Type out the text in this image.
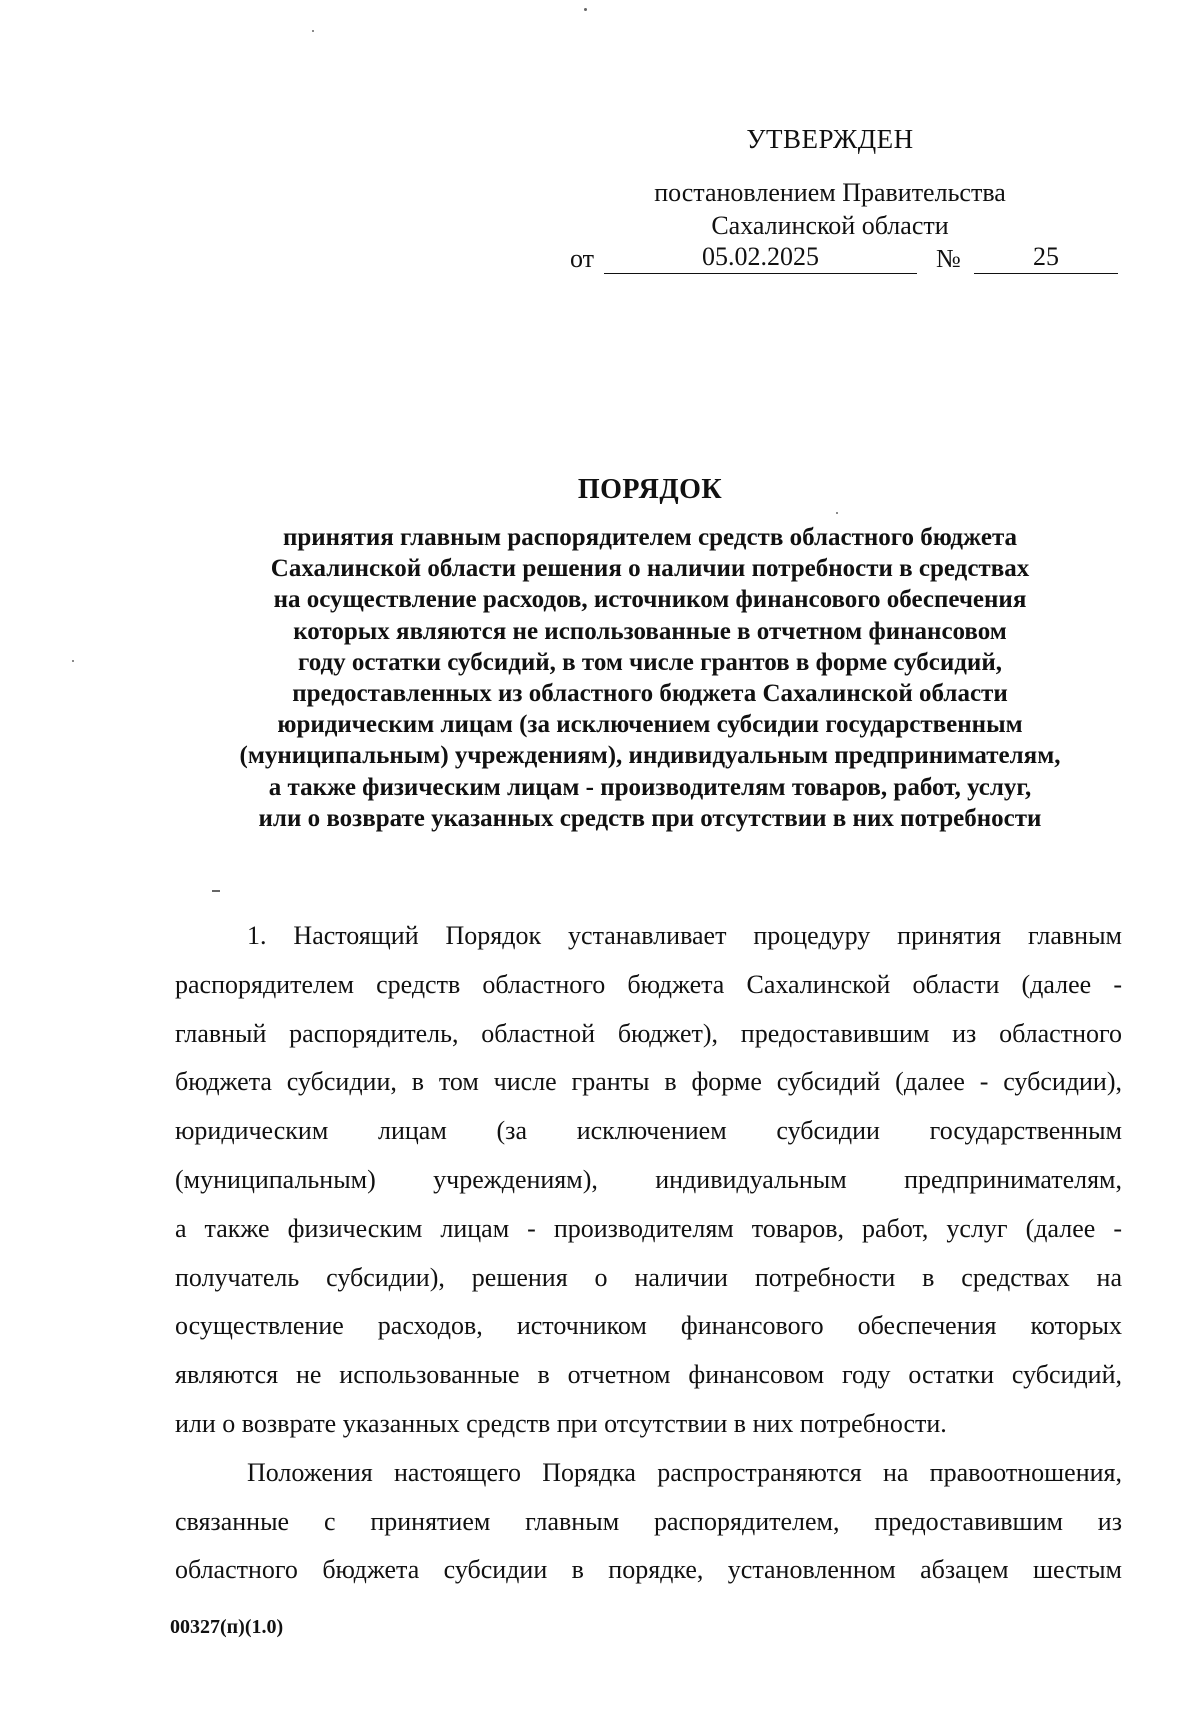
УТВЕРЖДЕН
постановлением Правительства
Сахалинской области
от	05.02.2025	№	25
ПОРЯДОК
принятия главным распорядителем средств областного бюджета
Сахалинской области решения о наличии потребности в средствах
на осуществление расходов, источником финансового обеспечения
которых являются не использованные в отчетном финансовом
году остатки субсидий, в том числе грантов в форме субсидий,
предоставленных из областного бюджета Сахалинской области
юридическим лицам (за исключением субсидии государственным
(муниципальным) учреждениям), индивидуальным предпринимателям,
а также физическим лицам - производителям товаров, работ, услуг,
или о возврате указанных средств при отсутствии в них потребности
1. Настоящий Порядок устанавливает процедуру принятия главным
распорядителем средств областного бюджета Сахалинской области (далее -
главный распорядитель, областной бюджет), предоставившим из областного
бюджета субсидии, в том числе гранты в форме субсидий (далее - субсидии),
юридическим лицам (за исключением субсидии государственным
(муниципальным) учреждениям), индивидуальным предпринимателям,
а также физическим лицам - производителям товаров, работ, услуг (далее -
получатель субсидии), решения о наличии потребности в средствах на
осуществление расходов, источником финансового обеспечения которых
являются не использованные в отчетном финансовом году остатки субсидий,
или о возврате указанных средств при отсутствии в них потребности.
Положения настоящего Порядка распространяются на правоотношения,
связанные с принятием главным распорядителем, предоставившим из
областного бюджета субсидии в порядке, установленном абзацем шестым
00327(п)(1.0)
